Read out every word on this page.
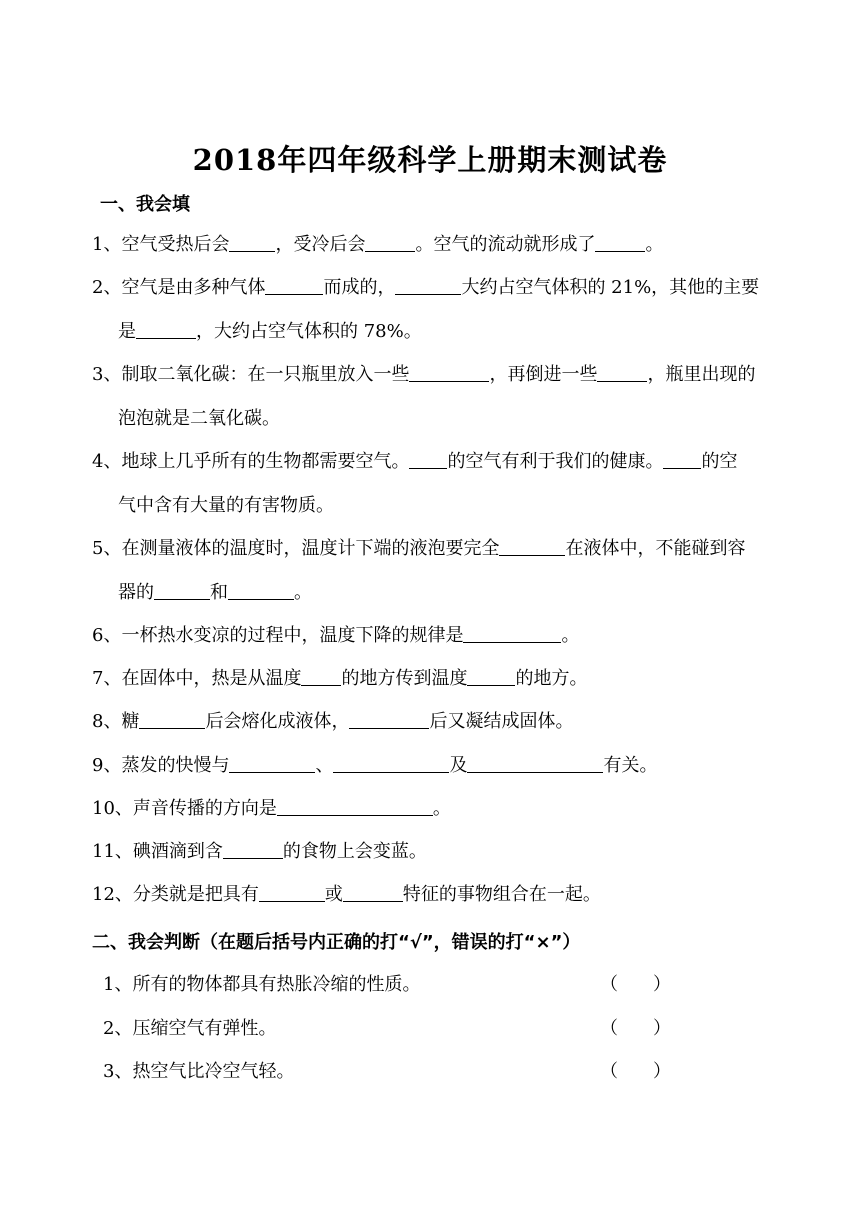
2018年四年级科学上册期末测试卷
一、我会填
1、空气受热后会	，受冷后会	。空气的流动就形成了	。
2、空气是由多种气体	而成的，	大约占空气体积的 21%，其他的主要
是	，大约占空气体积的 78%。
3、制取二氧化碳：在一只瓶里放入一些	，再倒进一些	，瓶里出现的
泡泡就是二氧化碳。
4、地球上几乎所有的生物都需要空气。 的空气有利于我们的健康。 的空
气中含有大量的有害物质。
5、在测量液体的温度时，温度计下端的液泡要完全	在液体中，不能碰到容
器的	和	。
6、一杯热水变凉的过程中，温度下降的规律是	。
7、在固体中，热是从温度 的地方传到温度	的地方。
8、糖	后会熔化成液体，	后又凝结成固体。
9、蒸发的快慢与	、	及	有关。
10、声音传播的方向是	。
11、碘酒滴到含	的食物上会变蓝。
12、分类就是把具有	或	特征的事物组合在一起。
二、我会判断（在题后括号内正确的打“√”，错误的打“×”）
1、所有的物体都具有热胀冷缩的性质。	（ ）
2、压缩空气有弹性。	（ ）
3、热空气比冷空气轻。	（ ）
